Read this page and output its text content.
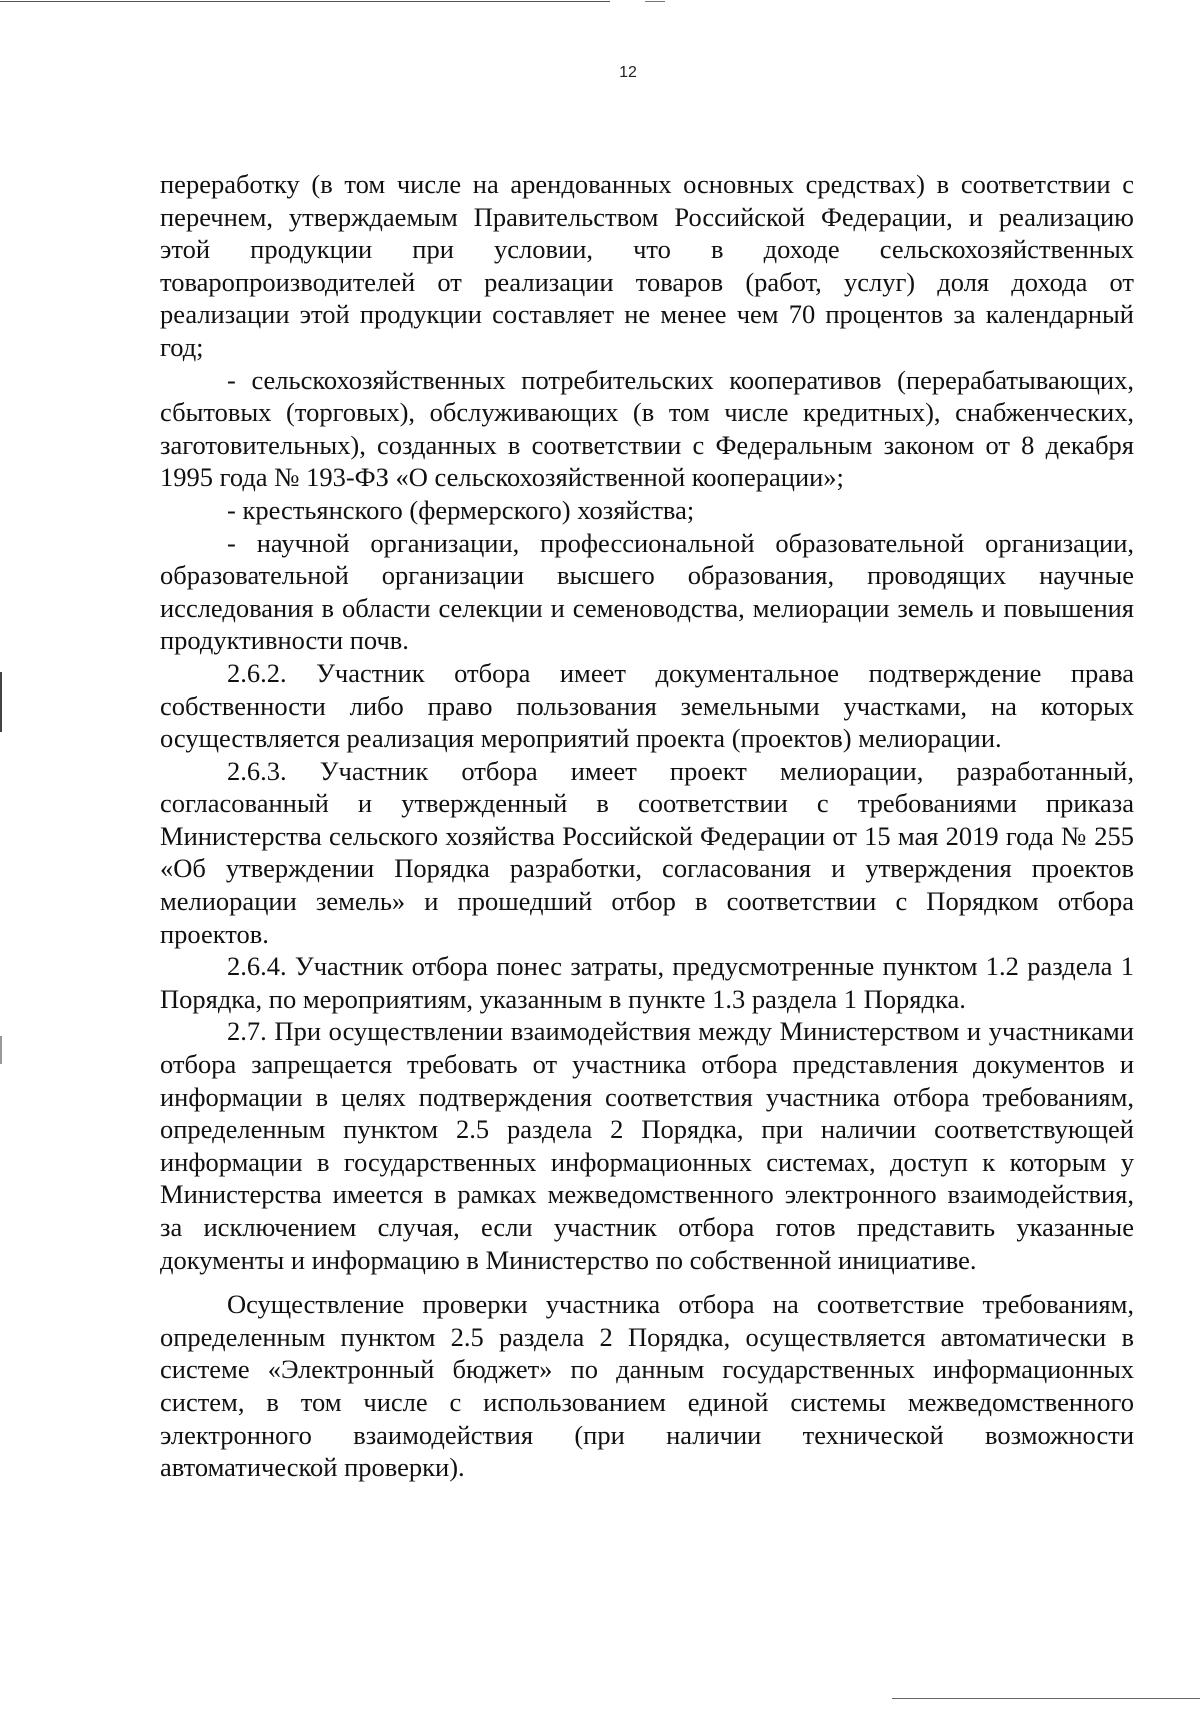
12

переработку (в том числе на арендованных основных средствах) в соответствии с перечнем, утверждаемым Правительством Российской Федерации, и реализацию этой продукции при условии, что в доходе сельскохозяйственных товаропроизводителей от реализации товаров (работ, услуг) доля дохода от реализации этой продукции составляет не менее чем 70 процентов за календарный год;

- сельскохозяйственных потребительских кооперативов (перерабатывающих, сбытовых (торговых), обслуживающих (в том числе кредитных), снабженческих, заготовительных), созданных в соответствии с Федеральным законом от 8 декабря 1995 года № 193-ФЗ «О сельскохозяйственной кооперации»;

- крестьянского (фермерского) хозяйства;

- научной организации, профессиональной образовательной организации, образовательной организации высшего образования, проводящих научные исследования в области селекции и семеноводства, мелиорации земель и повышения продуктивности почв.

2.6.2. Участник отбора имеет документальное подтверждение права собственности либо право пользования земельными участками, на которых осуществляется реализация мероприятий проекта (проектов) мелиорации.

2.6.3. Участник отбора имеет проект мелиорации, разработанный, согласованный и утвержденный в соответствии с требованиями приказа Министерства сельского хозяйства Российской Федерации от 15 мая 2019 года № 255 «Об утверждении Порядка разработки, согласования и утверждения проектов мелиорации земель» и прошедший отбор в соответствии с Порядком отбора проектов.

2.6.4. Участник отбора понес затраты, предусмотренные пунктом 1.2 раздела 1 Порядка, по мероприятиям, указанным в пункте 1.3 раздела 1 Порядка.

2.7. При осуществлении взаимодействия между Министерством и участниками отбора запрещается требовать от участника отбора представления документов и информации в целях подтверждения соответствия участника отбора требованиям, определенным пунктом 2.5 раздела 2 Порядка, при наличии соответствующей информации в государственных информационных системах, доступ к которым у Министерства имеется в рамках межведомственного электронного взаимодействия, за исключением случая, если участник отбора готов представить указанные документы и информацию в Министерство по собственной инициативе.

Осуществление проверки участника отбора на соответствие требованиям, определенным пунктом 2.5 раздела 2 Порядка, осуществляется автоматически в системе «Электронный бюджет» по данным государственных информационных систем, в том числе с использованием единой системы межведомственного электронного взаимодействия (при наличии технической возможности автоматической проверки).
